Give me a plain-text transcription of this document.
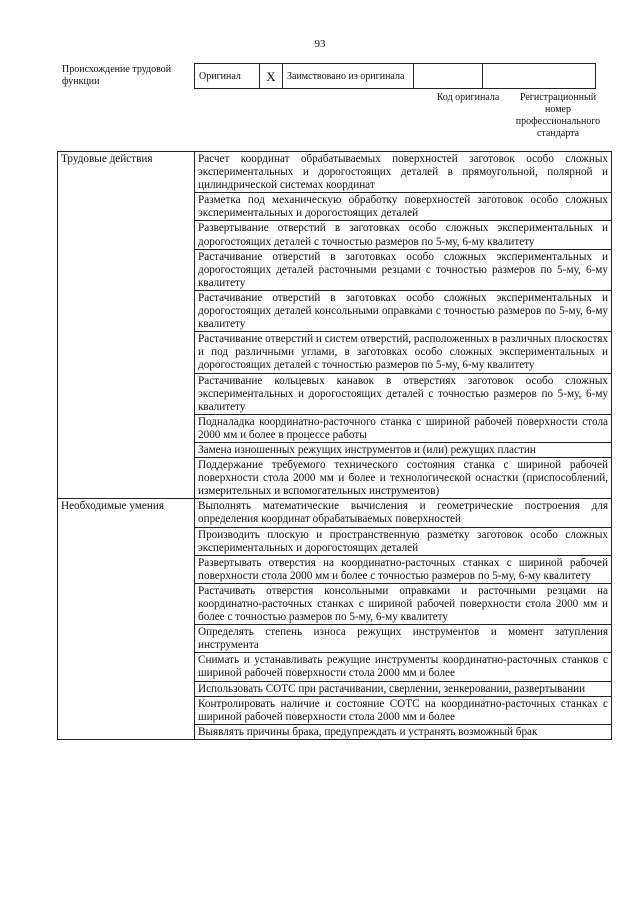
93
Происхождение трудовой функции	Оригинал	X	Заимствовано из оригинала		
Код оригинала	Регистрационный номер профессионального стандарта
Трудовые действия	Расчет координат обрабатываемых поверхностей заготовок особо сложных экспериментальных и дорогостоящих деталей в прямоугольной, полярной и цилиндрической системах координат
	Разметка под механическую обработку поверхностей заготовок особо сложных экспериментальных и дорогостоящих деталей
	Развертывание отверстий в заготовках особо сложных экспериментальных и дорогостоящих деталей с точностью размеров по 5-му, 6-му квалитету
	Растачивание отверстий в заготовках особо сложных экспериментальных и дорогостоящих деталей расточными резцами с точностью размеров по 5-му, 6-му квалитету
	Растачивание отверстий в заготовках особо сложных экспериментальных и дорогостоящих деталей консольными оправками с точностью размеров по 5-му, 6-му квалитету
	Растачивание отверстий и систем отверстий, расположенных в различных плоскостях и под различными углами, в заготовках особо сложных экспериментальных и дорогостоящих деталей с точностью размеров по 5-му, 6-му квалитету
	Растачивание кольцевых канавок в отверстиях заготовок особо сложных экспериментальных и дорогостоящих деталей с точностью размеров по 5-му, 6-му квалитету
	Подналадка координатно-расточного станка с шириной рабочей поверхности стола 2000 мм и более в процессе работы
	Замена изношенных режущих инструментов и (или) режущих пластин
	Поддержание требуемого технического состояния станка с шириной рабочей поверхности стола 2000 мм и более и технологической оснастки (приспособлений, измерительных и вспомогательных инструментов)
Необходимые умения	Выполнять математические вычисления и геометрические построения для определения координат обрабатываемых поверхностей
	Производить плоскую и пространственную разметку заготовок особо сложных экспериментальных и дорогостоящих деталей
	Развертывать отверстия на координатно-расточных станках с шириной рабочей поверхности стола 2000 мм и более с точностью размеров по 5-му, 6-му квалитету
	Растачивать отверстия консольными оправками и расточными резцами на координатно-расточных станках с шириной рабочей поверхности стола 2000 мм и более с точностью размеров по 5-му, 6-му квалитету
	Определять степень износа режущих инструментов и момент затупления инструмента
	Снимать и устанавливать режущие инструменты координатно-расточных станков с шириной рабочей поверхности стола 2000 мм и более
	Использовать СОТС при растачивании, сверлении, зенкеровании, развертывании
	Контролировать наличие и состояние СОТС на координатно-расточных станках с шириной рабочей поверхности стола 2000 мм и более
	Выявлять причины брака, предупреждать и устранять возможный брак
